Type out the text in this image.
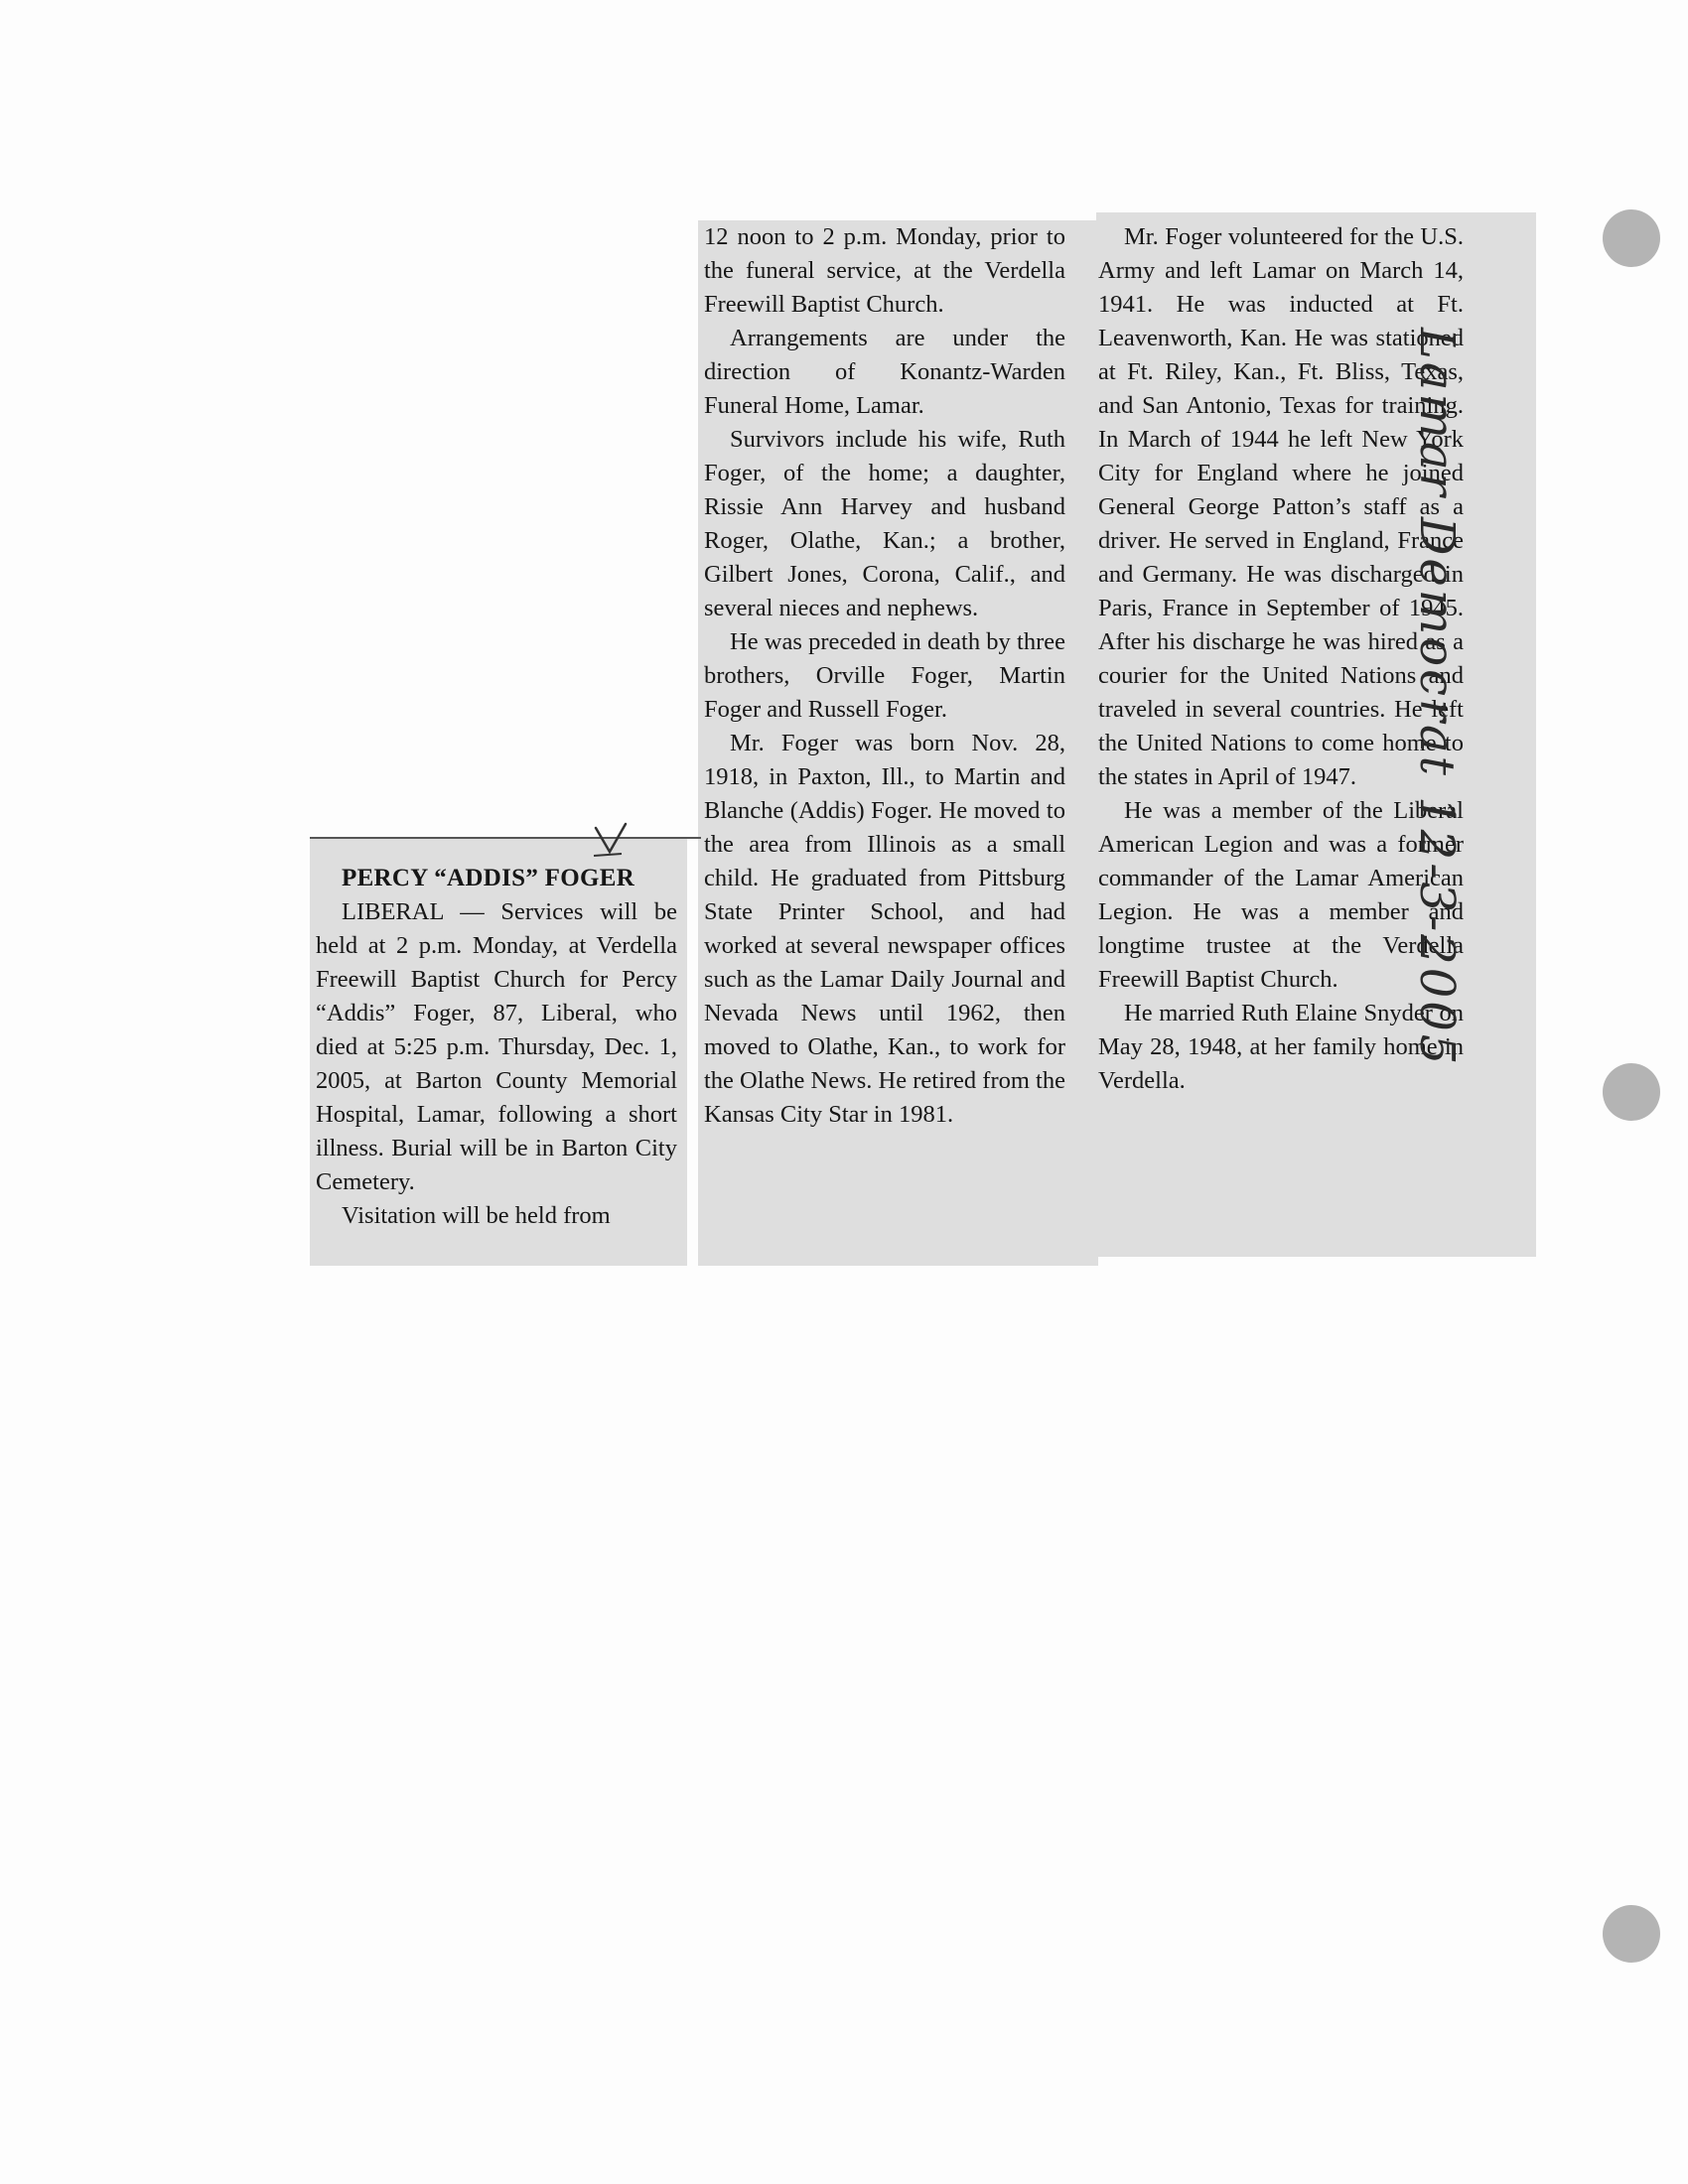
PERCY “ADDIS” FOGER

LIBERAL — Services will be held at 2 p.m. Monday, at Verdella Freewill Baptist Church for Percy “Addis” Foger, 87, Liberal, who died at 5:25 p.m. Thursday, Dec. 1, 2005, at Barton County Memorial Hospital, Lamar, following a short illness. Burial will be in Barton City Cemetery.

Visitation will be held from

12 noon to 2 p.m. Monday, prior to the funeral service, at the Verdella Freewill Baptist Church.

Arrangements are under the direction of Konantz-Warden Funeral Home, Lamar.

Survivors include his wife, Ruth Foger, of the home; a daughter, Rissie Ann Harvey and husband Roger, Olathe, Kan.; a brother, Gilbert Jones, Corona, Calif., and several nieces and nephews.

He was preceded in death by three brothers, Orville Foger, Martin Foger and Russell Foger.

Mr. Foger was born Nov. 28, 1918, in Paxton, Ill., to Martin and Blanche (Addis) Foger. He moved to the area from Illinois as a small child. He graduated from Pittsburg State Printer School, and had worked at several newspaper offices such as the Lamar Daily Journal and Nevada News until 1962, then moved to Olathe, Kan., to work for the Olathe News. He retired from the Kansas City Star in 1981.

Mr. Foger volunteered for the U.S. Army and left Lamar on March 14, 1941. He was inducted at Ft. Leavenworth, Kan. He was stationed at Ft. Riley, Kan., Ft. Bliss, Texas, and San Antonio, Texas for training. In March of 1944 he left New York City for England where he joined General George Patton’s staff as a driver. He served in England, France and Germany. He was discharged in Paris, France in September of 1945. After his discharge he was hired as a courier for the United Nations and traveled in several countries. He left the United Nations to come home to the states in April of 1947.

He was a member of the Liberal American Legion and was a former commander of the Lamar American Legion. He was a member and longtime trustee at the Verdella Freewill Baptist Church.

He married Ruth Elaine Snyder on May 28, 1948, at her family home in Verdella.

Lamar Democrat 12-3-2005
